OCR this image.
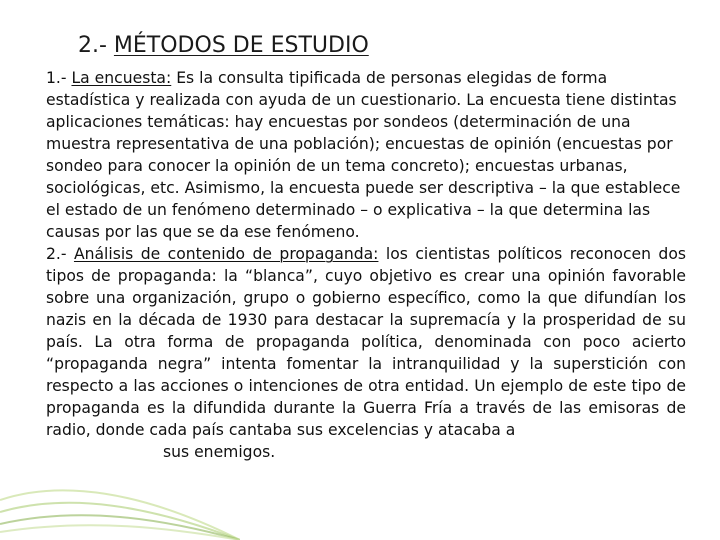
2.- MÉTODOS DE ESTUDIO

1.- La encuesta: Es la consulta tipificada de personas elegidas de forma estadística y realizada con ayuda de un cuestionario. La encuesta tiene distintas aplicaciones temáticas: hay encuestas por sondeos (determinación de una muestra representativa de una población); encuestas de opinión (encuestas por sondeo para conocer la opinión de un tema concreto); encuestas urbanas, sociológicas, etc. Asimismo, la encuesta puede ser descriptiva – la que establece el estado de un fenómeno determinado – o explicativa – la que determina las causas por las que se da ese fenómeno.

2.- Análisis de contenido de propaganda: los cientistas políticos reconocen dos tipos de propaganda: la “blanca”, cuyo objetivo es crear una opinión favorable sobre una organización, grupo o gobierno específico, como la que difundían los nazis en la década de 1930 para destacar la supremacía y la prosperidad de su país. La otra forma de propaganda política, denominada con poco acierto “propaganda negra” intenta fomentar la intranquilidad y la superstición con respecto a las acciones o intenciones de otra entidad. Un ejemplo de este tipo de propaganda es la difundida durante la Guerra Fría a través de las emisoras de radio, donde cada país cantaba sus excelencias y atacaba a
sus enemigos.
